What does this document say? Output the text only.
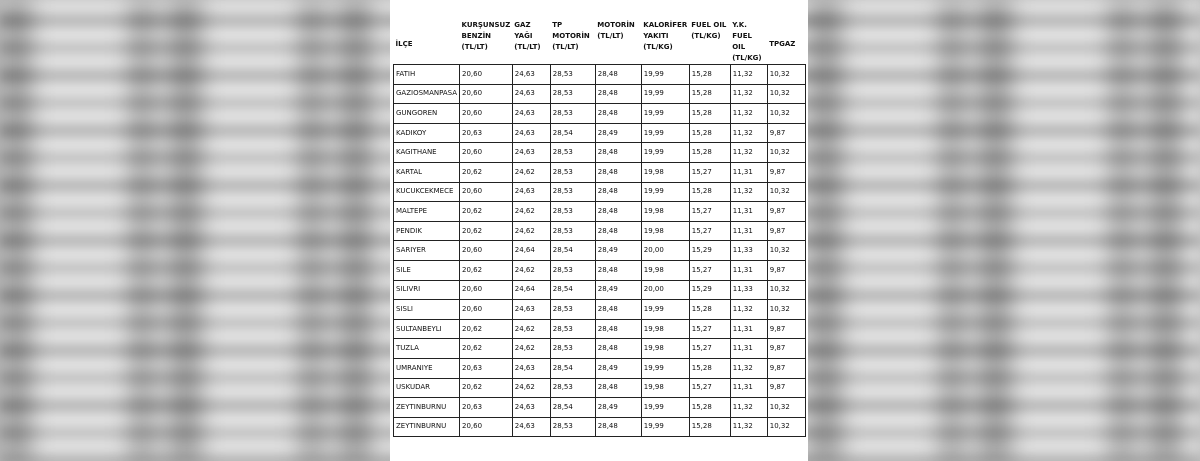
İLÇE	KURŞUNSUZ BENZİN (TL/LT)	GAZ YAĞI (TL/LT)	TP MOTORİN (TL/LT)	MOTORİN (TL/LT)	KALORİFER YAKITI (TL/KG)	FUEL OIL (TL/KG)	Y.K. FUEL OIL (TL/KG)	TPGAZ
FATIH	20,60	24,63	28,53	28,48	19,99	15,28	11,32	10,32
GAZIOSMANPASA	20,60	24,63	28,53	28,48	19,99	15,28	11,32	10,32
GUNGOREN	20,60	24,63	28,53	28,48	19,99	15,28	11,32	10,32
KADIKOY	20,63	24,63	28,54	28,49	19,99	15,28	11,32	9,87
KAGITHANE	20,60	24,63	28,53	28,48	19,99	15,28	11,32	10,32
KARTAL	20,62	24,62	28,53	28,48	19,98	15,27	11,31	9,87
KUCUKCEKMECE	20,60	24,63	28,53	28,48	19,99	15,28	11,32	10,32
MALTEPE	20,62	24,62	28,53	28,48	19,98	15,27	11,31	9,87
PENDIK	20,62	24,62	28,53	28,48	19,98	15,27	11,31	9,87
SARIYER	20,60	24,64	28,54	28,49	20,00	15,29	11,33	10,32
SILE	20,62	24,62	28,53	28,48	19,98	15,27	11,31	9,87
SILIVRI	20,60	24,64	28,54	28,49	20,00	15,29	11,33	10,32
SISLI	20,60	24,63	28,53	28,48	19,99	15,28	11,32	10,32
SULTANBEYLI	20,62	24,62	28,53	28,48	19,98	15,27	11,31	9,87
TUZLA	20,62	24,62	28,53	28,48	19,98	15,27	11,31	9,87
UMRANIYE	20,63	24,63	28,54	28,49	19,99	15,28	11,32	9,87
USKUDAR	20,62	24,62	28,53	28,48	19,98	15,27	11,31	9,87
ZEYTINBURNU	20,63	24,63	28,54	28,49	19,99	15,28	11,32	10,32
ZEYTINBURNU	20,60	24,63	28,53	28,48	19,99	15,28	11,32	10,32
